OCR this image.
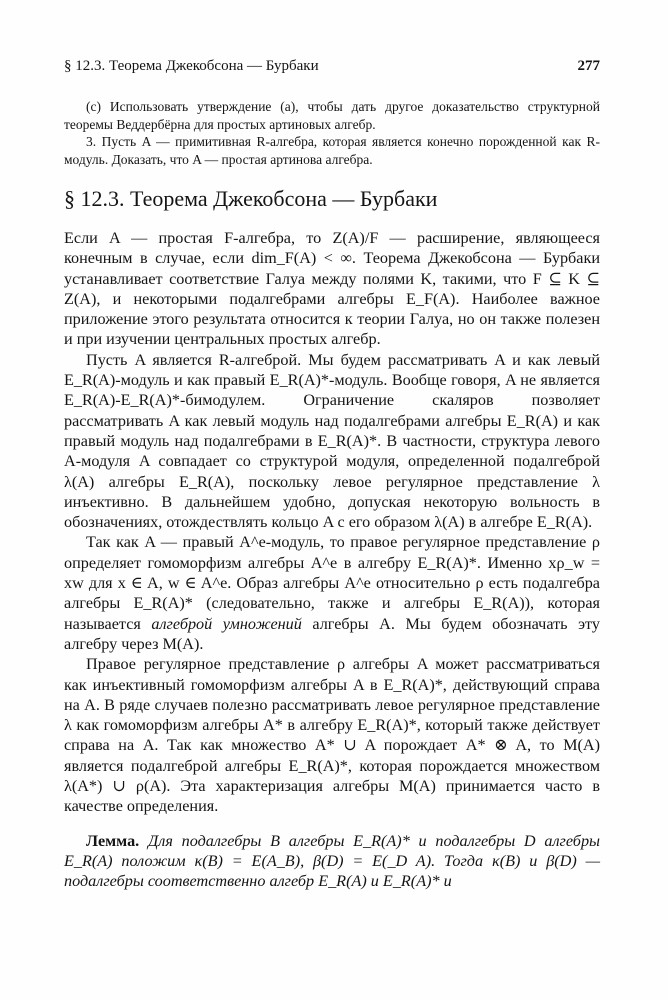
§ 12.3. Теорема Джекобсона — Бурбаки	277

(с) Использовать утверждение (а), чтобы дать другое доказательство структурной теоремы Веддербёрна для простых артиновых алгебр.

3. Пусть A — примитивная R-алгебра, которая является конечно порожденной как R-модуль. Доказать, что A — простая артинова алгебра.

§ 12.3. Теорема Джекобсона — Бурбаки

Если A — простая F-алгебра, то Z(A)/F — расширение, являющееся конечным в случае, если dim_F(A) < ∞. Теорема Джекобсона — Бурбаки устанавливает соответствие Галуа между полями K, такими, что F ⊆ K ⊆ Z(A), и некоторыми подалгебрами алгебры E_F(A). Наиболее важное приложение этого результата относится к теории Галуа, но он также полезен и при изучении центральных простых алгебр.

Пусть A является R-алгеброй. Мы будем рассматривать A и как левый E_R(A)-модуль и как правый E_R(A)*-модуль. Вообще говоря, A не является E_R(A)-E_R(A)*-бимодулем. Ограничение скаляров позволяет рассматривать A как левый модуль над подалгебрами алгебры E_R(A) и как правый модуль над подалгебрами в E_R(A)*. В частности, структура левого A-модуля A совпадает со структурой модуля, определенной подалгеброй λ(A) алгебры E_R(A), поскольку левое регулярное представление λ инъективно. В дальнейшем удобно, допуская некоторую вольность в обозначениях, отождествлять кольцо A с его образом λ(A) в алгебре E_R(A).

Так как A — правый A^e-модуль, то правое регулярное представление ρ определяет гомоморфизм алгебры A^e в алгебру E_R(A)*. Именно xρ_w = xw для x ∈ A, w ∈ A^e. Образ алгебры A^e относительно ρ есть подалгебра алгебры E_R(A)* (следовательно, также и алгебры E_R(A)), которая называется алгеброй умножений алгебры A. Мы будем обозначать эту алгебру через M(A).

Правое регулярное представление ρ алгебры A может рассматриваться как инъективный гомоморфизм алгебры A в E_R(A)*, действующий справа на A. В ряде случаев полезно рассматривать левое регулярное представление λ как гомоморфизм алгебры A* в алгебру E_R(A)*, который также действует справа на A. Так как множество A* ∪ A порождает A* ⊗ A, то M(A) является подалгеброй алгебры E_R(A)*, которая порождается множеством λ(A*) ∪ ρ(A). Эта характеризация алгебры M(A) принимается часто в качестве определения.

Лемма. Для подалгебры B алгебры E_R(A)* и подалгебры D алгебры E_R(A) положим κ(B) = E(A_B), β(D) = E(_D A). Тогда κ(B) и β(D) — подалгебры соответственно алгебр E_R(A) и E_R(A)* и
